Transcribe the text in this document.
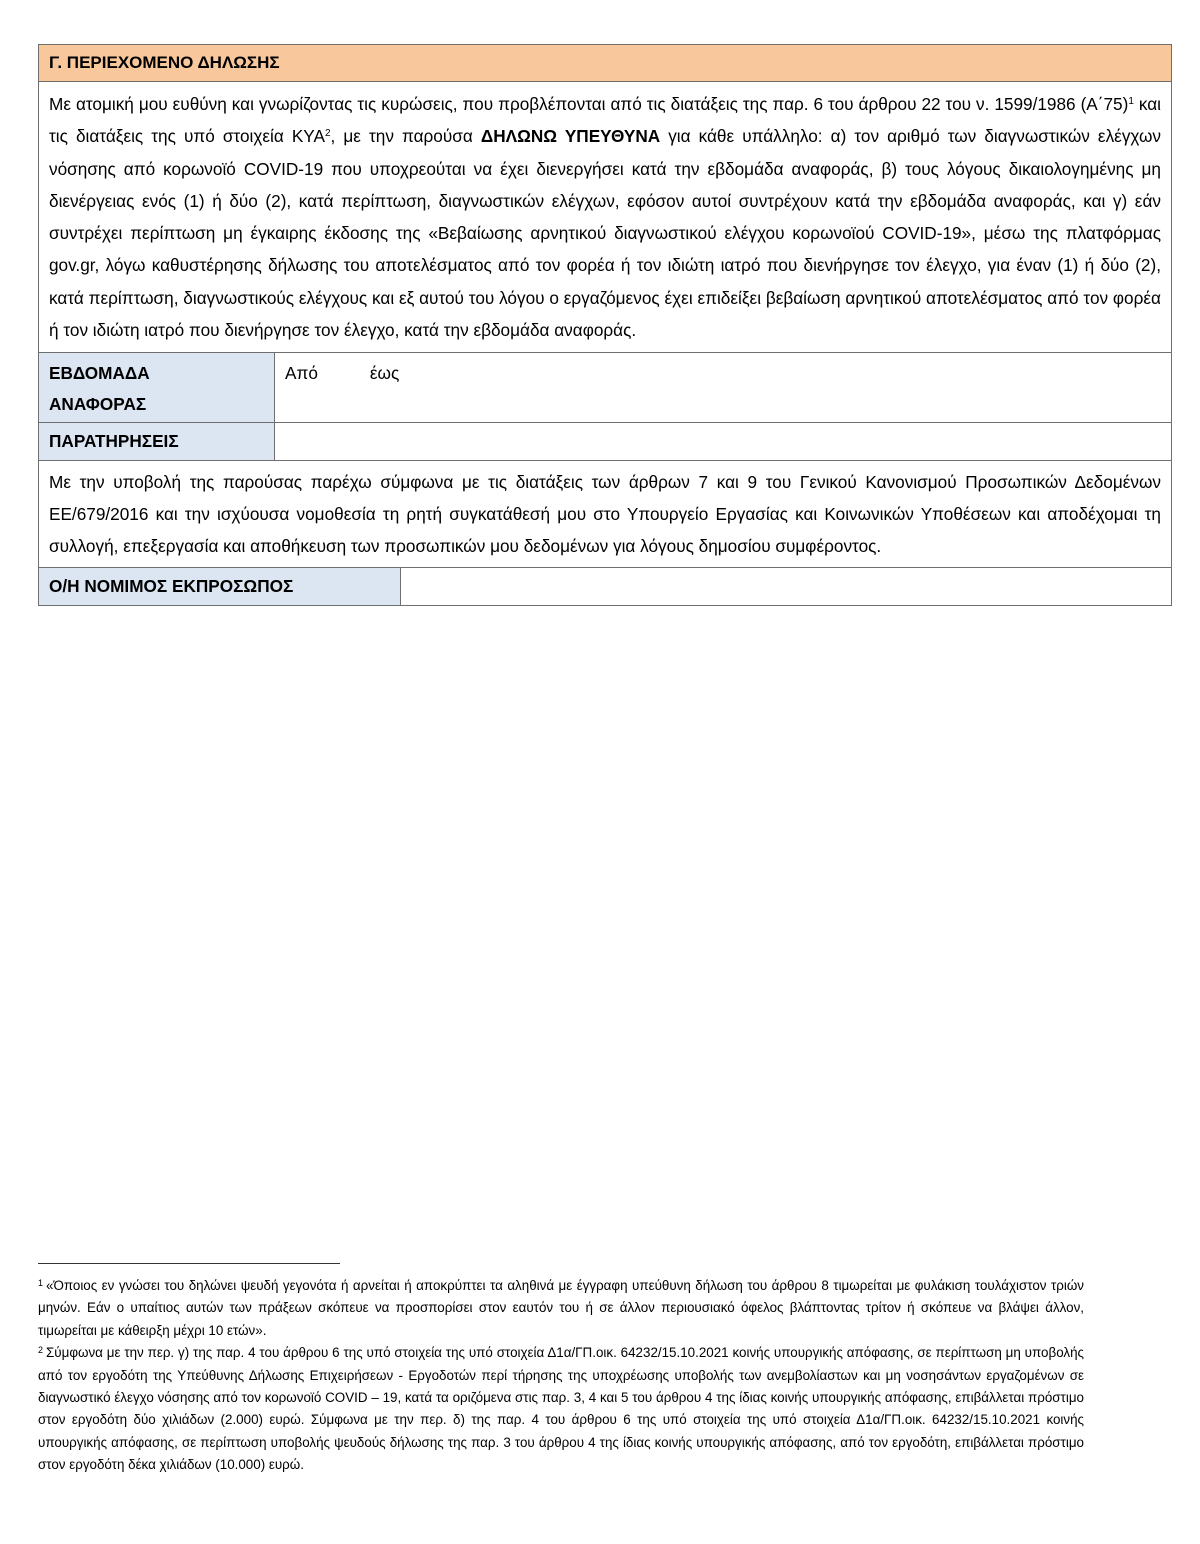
Γ. ΠΕΡΙΕΧΟΜΕΝΟ ΔΗΛΩΣΗΣ
Με ατομική μου ευθύνη και γνωρίζοντας τις κυρώσεις, που προβλέπονται από τις διατάξεις της παρ. 6 του άρθρου 22 του ν. 1599/1986 $(A΄75)^1$ και τις διατάξεις της υπό στοιχεία ΚΥΑ$^2$, με την παρούσα ΔΗΛΩΝΩ ΥΠΕΥΘΥΝΑ για κάθε υπάλληλο: α) τον αριθμό των διαγνωστικών ελέγχων νόσησης από κορωνοϊό COVID-19 που υποχρεούται να έχει διενεργήσει κατά την εβδομάδα αναφοράς, β) τους λόγους δικαιολογημένης μη διενέργειας ενός (1) ή δύο (2), κατά περίπτωση, διαγνωστικών ελέγχων, εφόσον αυτοί συντρέχουν κατά την εβδομάδα αναφοράς, και γ) εάν συντρέχει περίπτωση μη έγκαιρης έκδοσης της «Βεβαίωσης αρνητικού διαγνωστικού ελέγχου κορωνοϊού COVID-19», μέσω της πλατφόρμας gov.gr, λόγω καθυστέρησης δήλωσης του αποτελέσματος από τον φορέα ή τον ιδιώτη ιατρό που διενήργησε τον έλεγχο, για έναν (1) ή δύο (2), κατά περίπτωση, διαγνωστικούς ελέγχους και εξ αυτού του λόγου ο εργαζόμενος έχει επιδείξει βεβαίωση αρνητικού αποτελέσματος από τον φορέα ή τον ιδιώτη ιατρό που διενήργησε τον έλεγχο, κατά την εβδομάδα αναφοράς.
ΕΒΔΟΜΑΔΑ
ΑΝΑΦΟΡΑΣ
Από	έως
ΠΑΡΑΤΗΡΗΣΕΙΣ
Με την υποβολή της παρούσας παρέχω σύμφωνα με τις διατάξεις των άρθρων 7 και 9 του Γενικού Κανονισμού Προσωπικών Δεδομένων ΕΕ/679/2016 και την ισχύουσα νομοθεσία τη ρητή συγκατάθεσή μου στο Υπουργείο Εργασίας και Κοινωνικών Υποθέσεων και αποδέχομαι τη συλλογή, επεξεργασία και αποθήκευση των προσωπικών μου δεδομένων για λόγους δημοσίου συμφέροντος.
Ο/Η ΝΟΜΙΜΟΣ ΕΚΠΡΟΣΩΠΟΣ

$^1$ «Όποιος εν γνώσει του δηλώνει ψευδή γεγονότα ή αρνείται ή αποκρύπτει τα αληθινά με έγγραφη υπεύθυνη δήλωση του άρθρου 8 τιμωρείται με φυλάκιση τουλάχιστον τριών μηνών. Εάν ο υπαίτιος αυτών των πράξεων σκόπευε να προσπορίσει στον εαυτόν του ή σε άλλον περιουσιακό όφελος βλάπτοντας τρίτον ή σκόπευε να βλάψει άλλον, τιμωρείται με κάθειρξη μέχρι 10 ετών».

$^2$ Σύμφωνα με την περ. γ) της παρ. 4 του άρθρου 6 της υπό στοιχεία της υπό στοιχεία Δ1α/ΓΠ.οικ. 64232/15.10.2021 κοινής υπουργικής απόφασης, σε περίπτωση μη υποβολής από τον εργοδότη της Υπεύθυνης Δήλωσης Επιχειρήσεων - Εργοδοτών περί τήρησης της υποχρέωσης υποβολής των ανεμβολίαστων και μη νοσησάντων εργαζομένων σε διαγνωστικό έλεγχο νόσησης από τον κορωνοϊό COVID – 19, κατά τα οριζόμενα στις παρ. 3, 4 και 5 του άρθρου 4 της ίδιας κοινής υπουργικής απόφασης, επιβάλλεται πρόστιμο στον εργοδότη δύο χιλιάδων (2.000) ευρώ. Σύμφωνα με την περ. δ) της παρ. 4 του άρθρου 6 της υπό στοιχεία της υπό στοιχεία Δ1α/ΓΠ.οικ. 64232/15.10.2021 κοινής υπουργικής απόφασης, σε περίπτωση υποβολής ψευδούς δήλωσης της παρ. 3 του άρθρου 4 της ίδιας κοινής υπουργικής απόφασης, από τον εργοδότη, επιβάλλεται πρόστιμο στον εργοδότη δέκα χιλιάδων (10.000) ευρώ.
